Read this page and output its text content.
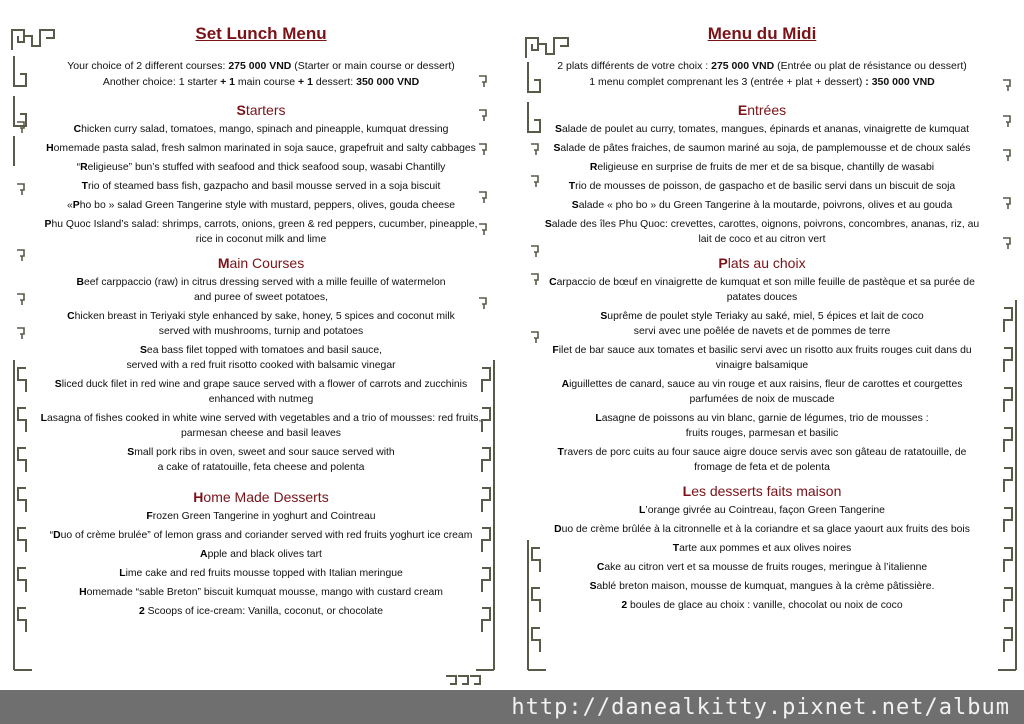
Set Lunch Menu

Your choice of 2 different courses: 275 000 VND (Starter or main course or dessert)

Another choice: 1 starter + 1 main course + 1 dessert: 350 000 VND

Starters

Chicken curry salad, tomatoes, mango, spinach and pineapple, kumquat dressing

Homemade pasta salad, fresh salmon marinated in soja sauce, grapefruit and salty cabbages

“Religieuse” bun’s stuffed with seafood and thick seafood soup, wasabi Chantilly

Trio of steamed bass fish, gazpacho and basil mousse served in a soja biscuit

«Pho bo » salad Green Tangerine style with mustard, peppers, olives, gouda cheese

Phu Quoc Island’s salad: shrimps, carrots, onions, green & red peppers, cucumber, pineapple, rice in coconut milk and lime

Main Courses

Beef carppaccio (raw) in citrus dressing served with a mille feuille of watermelon
and puree of sweet potatoes,

Chicken breast in Teriyaki style enhanced by sake, honey, 5 spices and coconut milk
served with mushrooms, turnip and potatoes

Sea bass filet topped with tomatoes and basil sauce,
served with a red fruit risotto cooked with balsamic vinegar

Sliced duck filet in red wine and grape sauce served with a flower of carrots and zucchinis enhanced with nutmeg

Lasagna of fishes cooked in white wine served with vegetables and a trio of mousses: red fruits, parmesan cheese and basil leaves

Small pork ribs in oven, sweet and sour sauce served with
a cake of ratatouille, feta cheese and polenta

Home Made Desserts

Frozen Green Tangerine in yoghurt and Cointreau

“Duo of crème brulée” of lemon grass and coriander served with red fruits yoghurt ice cream

Apple and black olives tart

Lime cake and red fruits mousse topped with Italian meringue

Homemade “sable Breton” biscuit kumquat mousse, mango with custard cream

2 Scoops of ice-cream: Vanilla, coconut, or chocolate

Menu du Midi

2 plats différents de votre choix : 275 000 VND (Entrée ou plat de résistance ou dessert)

1 menu complet comprenant les 3 (entrée + plat + dessert) : 350 000 VND

Entrées

Salade de poulet au curry, tomates, mangues, épinards et ananas, vinaigrette de kumquat

Salade de pâtes fraiches, de saumon mariné au soja, de pamplemousse et de choux salés

Religieuse en surprise de fruits de mer et de sa bisque, chantilly de wasabi

Trio de mousses de poisson, de gaspacho et de basilic servi dans un biscuit de soja

Salade « pho bo » du Green Tangerine à la moutarde, poivrons, olives et au gouda

Salade des îles Phu Quoc: crevettes, carottes, oignons, poivrons, concombres, ananas, riz, au lait de coco et au citron vert

Plats au choix

Carpaccio de bœuf en vinaigrette de kumquat et son mille feuille de pastèque et sa purée de patates douces

Suprême de poulet style Teriaky au saké, miel, 5 épices et lait de coco
servi avec une poêlée de navets et de pommes de terre

Filet de bar sauce aux tomates et basilic servi avec un risotto aux fruits rouges cuit dans du vinaigre balsamique

Aiguillettes de canard, sauce au vin rouge et aux raisins, fleur de carottes et courgettes parfumées de noix de muscade

Lasagne de poissons au vin blanc, garnie de légumes, trio de mousses :
fruits rouges, parmesan et basilic

Travers de porc cuits au four sauce aigre douce servis avec son gâteau de ratatouille, de fromage de feta et de polenta

Les desserts faits maison

L’orange givrée au Cointreau, façon Green Tangerine

Duo de crème brûlée à la citronnelle et à la coriandre et sa glace yaourt aux fruits des bois

Tarte aux pommes et aux olives noires

Cake au citron vert et sa mousse de fruits rouges, meringue à l’italienne

Sablé breton maison, mousse de kumquat, mangues à la crème pâtissière.

2 boules de glace au choix : vanille, chocolat ou noix de coco

http://danealkitty.pixnet.net/album
